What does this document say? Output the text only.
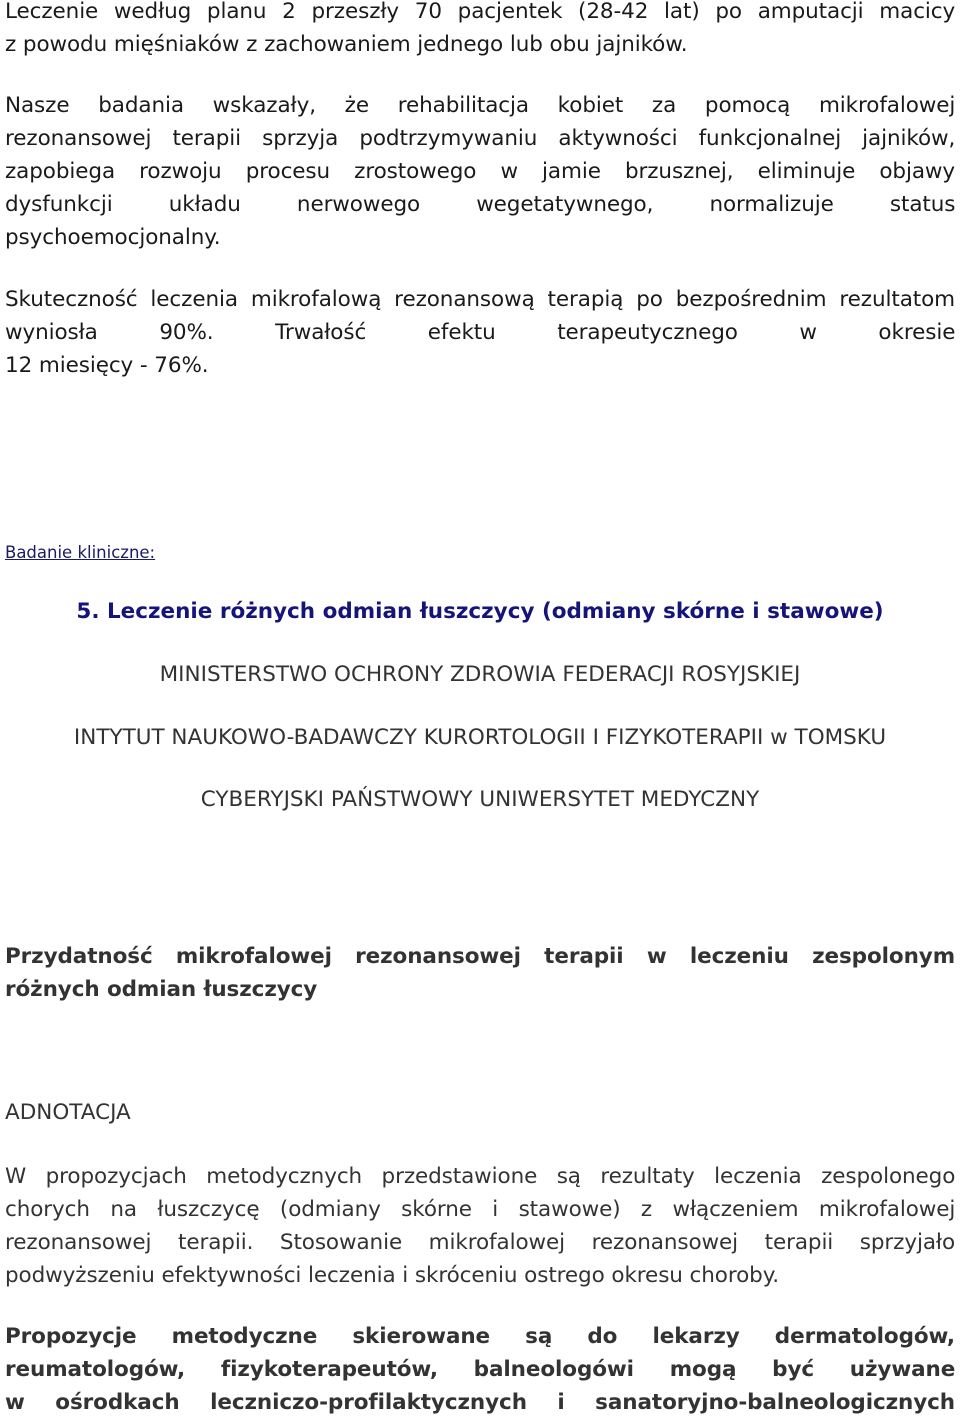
Leczenie według planu 2 przeszły 70 pacjentek (28-42 lat) po amputacji macicy
z powodu mięśniaków z zachowaniem jednego lub obu jajników.
Nasze badania wskazały, że rehabilitacja kobiet za pomocą mikrofalowej
rezonansowej terapii sprzyja podtrzymywaniu aktywności funkcjonalnej jajników,
zapobiega rozwoju procesu zrostowego w jamie brzusznej, eliminuje objawy
dysfunkcji układu nerwowego wegetatywnego, normalizuje status
psychoemocjonalny.
Skuteczność leczenia mikrofalową rezonansową terapią po bezpośrednim rezultatom
wyniosła 90%. Trwałość efektu terapeutycznego w okresie
12 miesięcy - 76%.
Badanie kliniczne:
5. Leczenie różnych odmian łuszczycy (odmiany skórne i stawowe)
MINISTERSTWO OCHRONY ZDROWIA FEDERACJI ROSYJSKIEJ
INTYTUT NAUKOWO-BADAWCZY KURORTOLOGII I FIZYKOTERAPII w TOMSKU
CYBERYJSKI PAŃSTWOWY UNIWERSYTET MEDYCZNY
Przydatność mikrofalowej rezonansowej terapii w leczeniu zespolonym
różnych odmian łuszczycy
ADNOTACJA
W propozycjach metodycznych przedstawione są rezultaty leczenia zespolonego
chorych na łuszczycę (odmiany skórne i stawowe) z włączeniem mikrofalowej
rezonansowej terapii. Stosowanie mikrofalowej rezonansowej terapii sprzyjało
podwyższeniu efektywności leczenia i skróceniu ostrego okresu choroby.
Propozycje metodyczne skierowane są do lekarzy dermatologów,
reumatologów, fizykoterapeutów, balneologówi mogą być używane
w ośrodkach leczniczo-profilaktycznych i sanatoryjno-balneologicznych
